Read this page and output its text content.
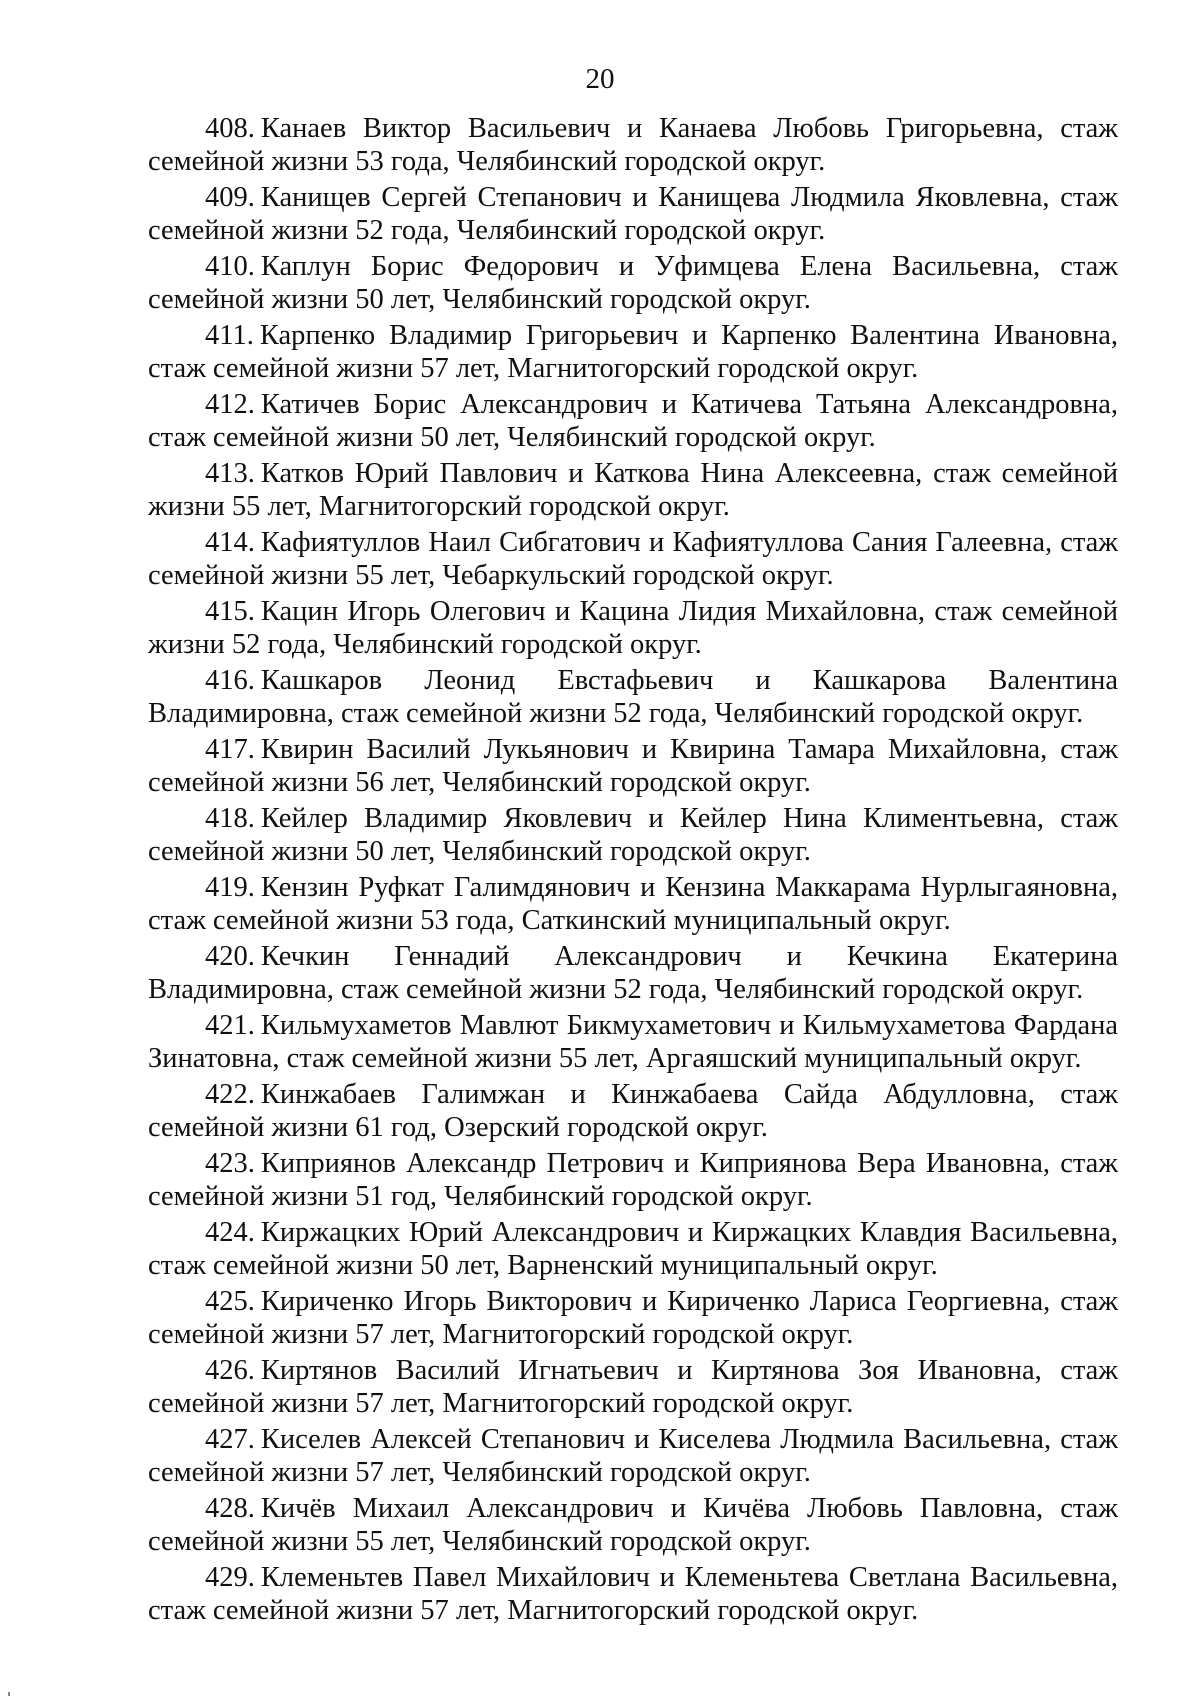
20

408. Канаев Виктор Васильевич и Канаева Любовь Григорьевна, стаж семейной жизни 53 года, Челябинский городской округ.

409. Канищев Сергей Степанович и Канищева Людмила Яковлевна, стаж семейной жизни 52 года, Челябинский городской округ.

410. Каплун Борис Федорович и Уфимцева Елена Васильевна, стаж семейной жизни 50 лет, Челябинский городской округ.

411. Карпенко Владимир Григорьевич и Карпенко Валентина Ивановна, стаж семейной жизни 57 лет, Магнитогорский городской округ.

412. Катичев Борис Александрович и Катичева Татьяна Александровна, стаж семейной жизни 50 лет, Челябинский городской округ.

413. Катков Юрий Павлович и Каткова Нина Алексеевна, стаж семейной жизни 55 лет, Магнитогорский городской округ.

414. Кафиятуллов Наил Сибгатович и Кафиятуллова Сания Галеевна, стаж семейной жизни 55 лет, Чебаркульский городской округ.

415. Кацин Игорь Олегович и Кацина Лидия Михайловна, стаж семейной жизни 52 года, Челябинский городской округ.

416. Кашкаров Леонид Евстафьевич и Кашкарова Валентина Владимировна, стаж семейной жизни 52 года, Челябинский городской округ.

417. Квирин Василий Лукьянович и Квирина Тамара Михайловна, стаж семейной жизни 56 лет, Челябинский городской округ.

418. Кейлер Владимир Яковлевич и Кейлер Нина Климентьевна, стаж семейной жизни 50 лет, Челябинский городской округ.

419. Кензин Руфкат Галимдянович и Кензина Маккарама Нурлыгаяновна, стаж семейной жизни 53 года, Саткинский муниципальный округ.

420. Кечкин Геннадий Александрович и Кечкина Екатерина Владимировна, стаж семейной жизни 52 года, Челябинский городской округ.

421. Кильмухаметов Мавлют Бикмухаметович и Кильмухаметова Фардана Зинатовна, стаж семейной жизни 55 лет, Аргаяшский муниципальный округ.

422. Кинжабаев Галимжан и Кинжабаева Сайда Абдулловна, стаж семейной жизни 61 год, Озерский городской округ.

423. Киприянов Александр Петрович и Киприянова Вера Ивановна, стаж семейной жизни 51 год, Челябинский городской округ.

424. Киржацких Юрий Александрович и Киржацких Клавдия Васильевна, стаж семейной жизни 50 лет, Варненский муниципальный округ.

425. Кириченко Игорь Викторович и Кириченко Лариса Георгиевна, стаж семейной жизни 57 лет, Магнитогорский городской округ.

426. Киртянов Василий Игнатьевич и Киртянова Зоя Ивановна, стаж семейной жизни 57 лет, Магнитогорский городской округ.

427. Киселев Алексей Степанович и Киселева Людмила Васильевна, стаж семейной жизни 57 лет, Челябинский городской округ.

428. Кичёв Михаил Александрович и Кичёва Любовь Павловна, стаж семейной жизни 55 лет, Челябинский городской округ.

429. Клеменьтев Павел Михайлович и Клеменьтева Светлана Васильевна, стаж семейной жизни 57 лет, Магнитогорский городской округ.
